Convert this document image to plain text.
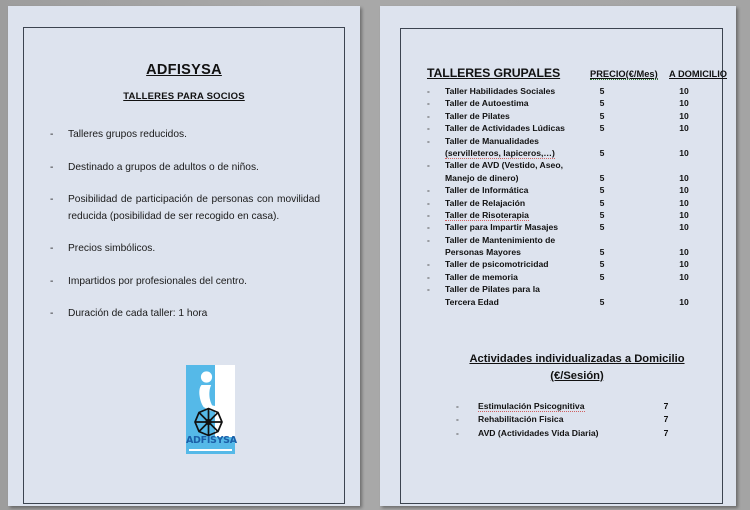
ADFISYSA
TALLERES PARA SOCIOS
-	Talleres grupos reducidos.
-	Destinado a grupos de adultos o de niños.
-	Posibilidad de participación de personas con movilidad reducida (posibilidad de ser recogido en casa).
-	Precios simbólicos.
-	Impartidos por profesionales del centro.
-	Duración de cada taller: 1 hora
ADFISYSA
TALLERES GRUPALES	PRECIO(€/Mes) A DOMICILIO
- Taller Habilidades Sociales	5	10
- Taller de Autoestima	5	10
- Taller de Pilates	5	10
- Taller de Actividades Lúdicas	5	10
- Taller de Manualidades
(servilleteros, lapiceros,…)	5	10
- Taller de AVD (Vestido, Aseo,
Manejo de dinero)	5	10
- Taller de Informática	5	10
- Taller de Relajación	5	10
- Taller de Risoterapia	5	10
- Taller para Impartir Masajes	5	10
- Taller de Mantenimiento de
Personas Mayores	5	10
- Taller de psicomotricidad	5	10
- Taller de memoria	5	10
- Taller de Pilates para la
Tercera Edad	5	10
Actividades individualizadas a Domicilio
(€/Sesión)
- Estimulación Psicognitiva	7
- Rehabilitación Fisica	7
- AVD (Actividades Vida Diaria)	7
